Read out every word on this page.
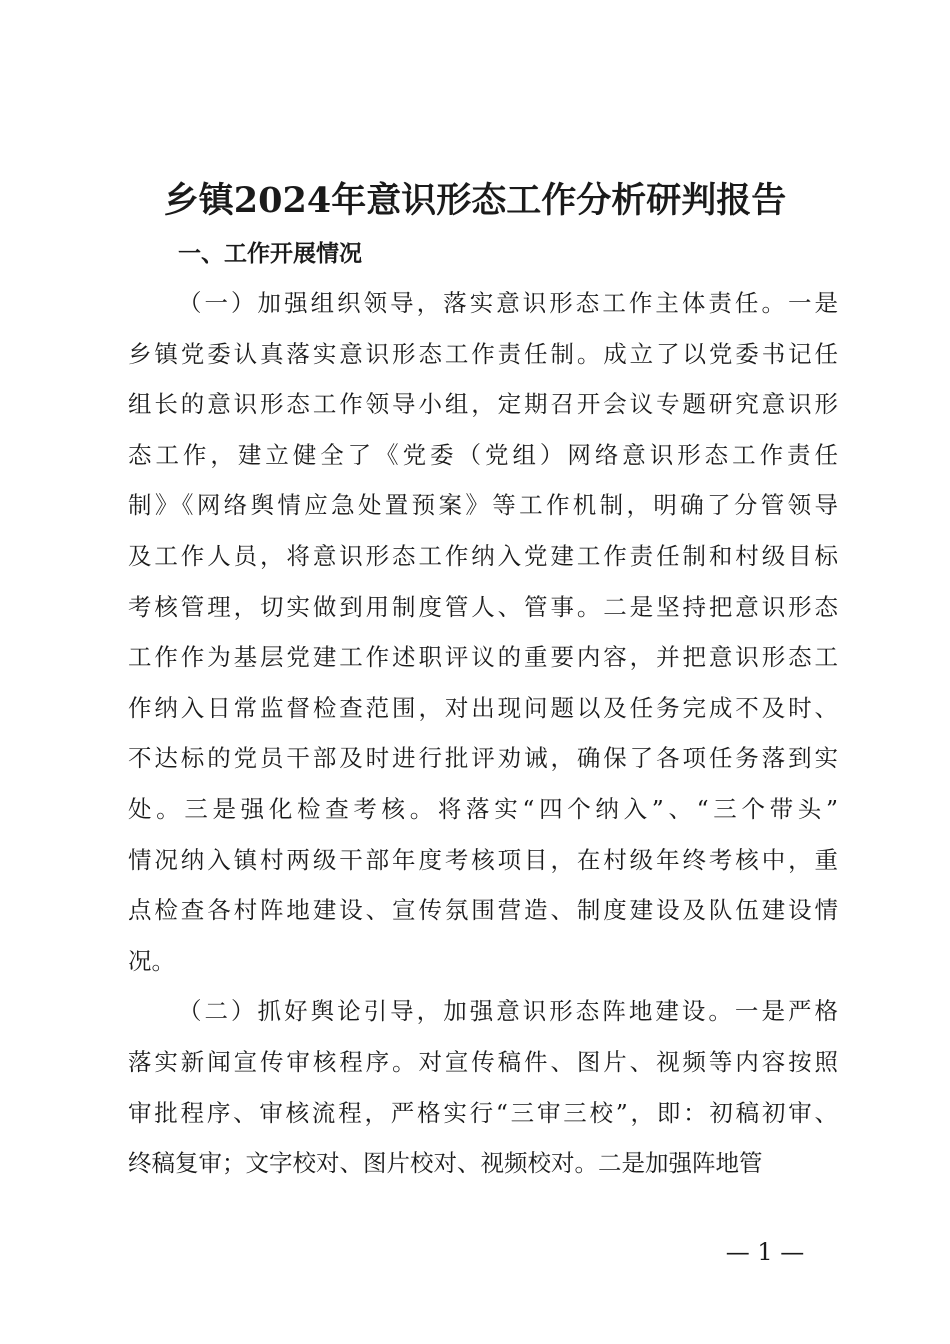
乡镇2024年意识形态工作分析研判报告
一、工作开展情况
（一）加强组织领导，落实意识形态工作主体责任。一是
乡镇党委认真落实意识形态工作责任制。成立了以党委书记任
组长的意识形态工作领导小组，定期召开会议专题研究意识形
态工作，建立健全了《党委（党组）网络意识形态工作责任
制》《网络舆情应急处置预案》等工作机制，明确了分管领导
及工作人员，将意识形态工作纳入党建工作责任制和村级目标
考核管理，切实做到用制度管人、管事。二是坚持把意识形态
工作作为基层党建工作述职评议的重要内容，并把意识形态工
作纳入日常监督检查范围，对出现问题以及任务完成不及时、
不达标的党员干部及时进行批评劝诫，确保了各项任务落到实
处。三是强化检查考核。将落实“四个纳入”、“三个带头”
情况纳入镇村两级干部年度考核项目，在村级年终考核中，重
点检查各村阵地建设、宣传氛围营造、制度建设及队伍建设情
况。
（二）抓好舆论引导，加强意识形态阵地建设。一是严格
落实新闻宣传审核程序。对宣传稿件、图片、视频等内容按照
审批程序、审核流程，严格实行“三审三校”，即：初稿初审、
终稿复审；文字校对、图片校对、视频校对。二是加强阵地管
— 1 —
